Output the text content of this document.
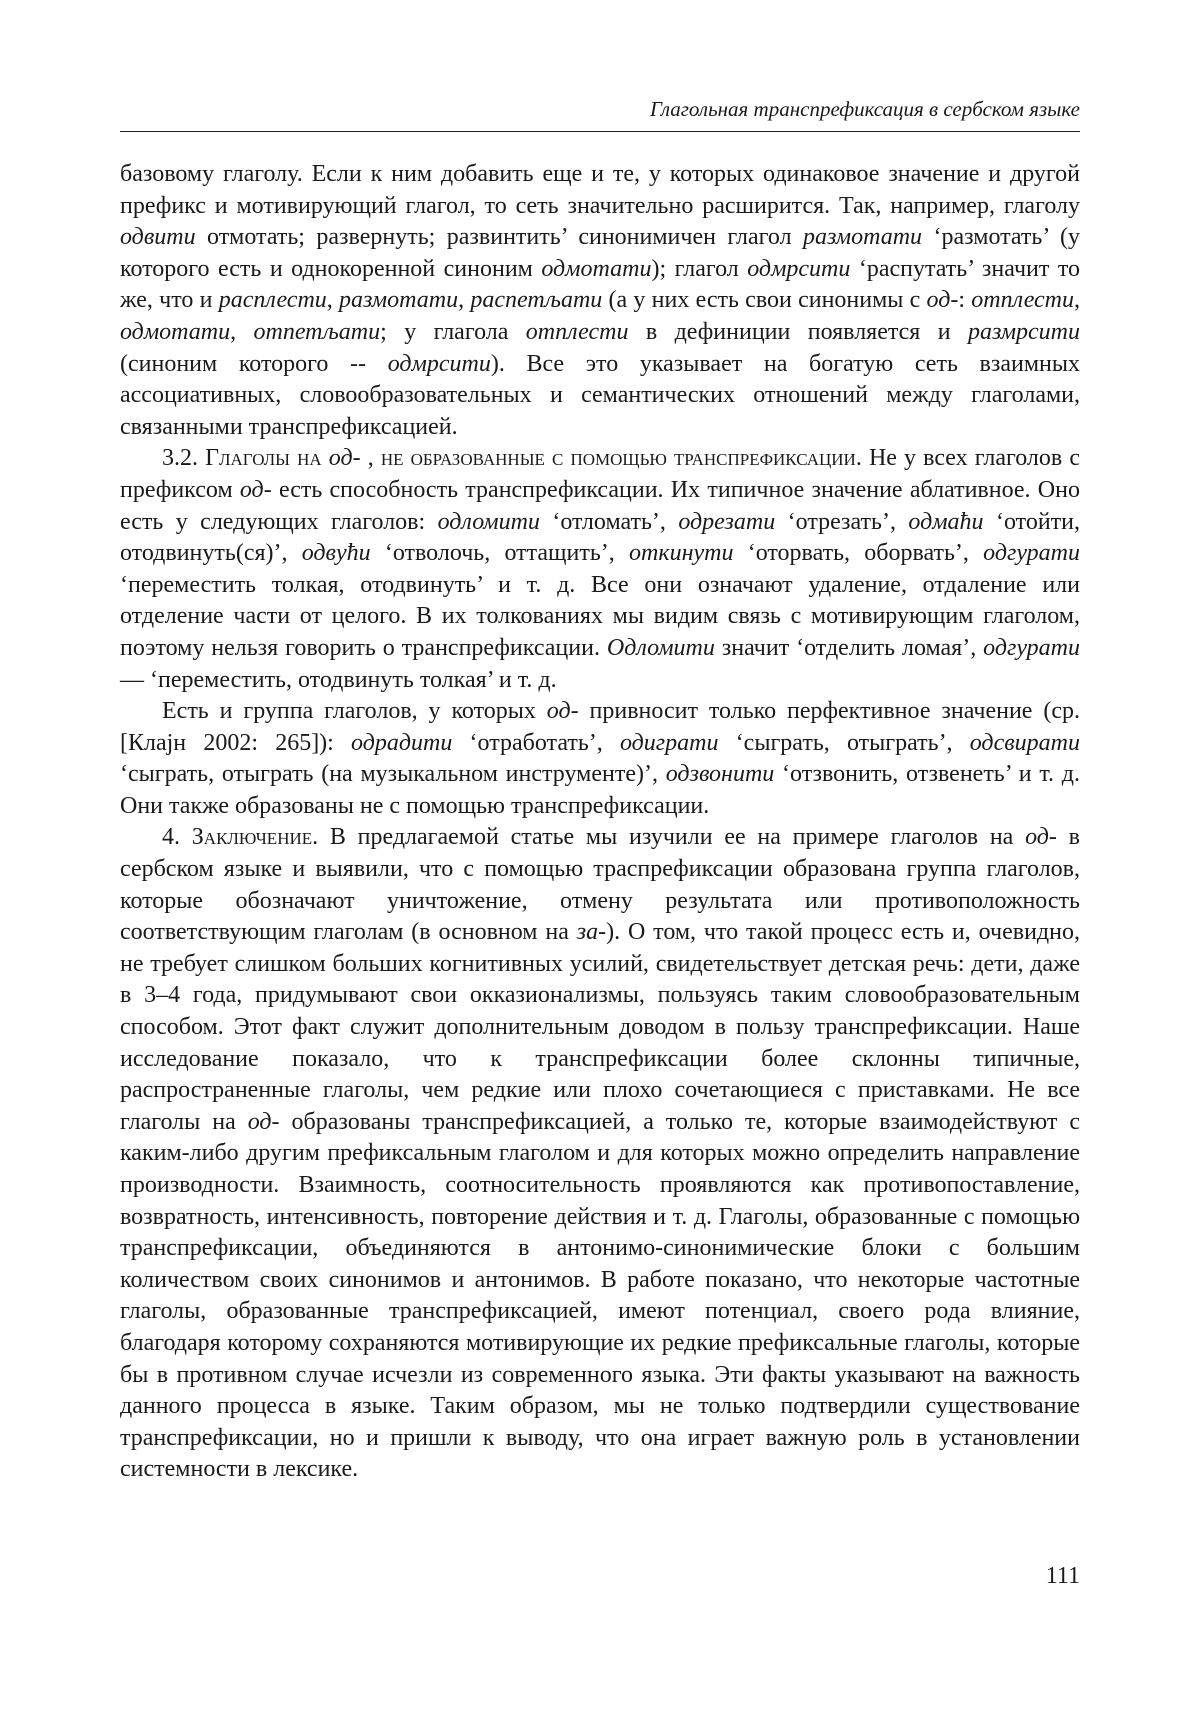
Глагольная транспрефиксация в сербском языке

базовому глаголу. Если к ним добавить еще и те, у которых одинаковое значение и другой префикс и мотивирующий глагол, то сеть значительно расширится. Так, например, глаголу одвити отмотать; развернуть; развинтить’ синонимичен глагол размотати ‘размотать’ (у которого есть и однокоренной синоним одмотати); глагол одмрсити ‘распутать’ значит то же, что и расплести, размотати, распетљати (а у них есть свои синонимы с од-: отплести, одмотати, отпетљати; у глагола отплести в дефиниции появляется и размрсити (синоним которого -- одмрсити). Все это указывает на богатую сеть взаимных ассоциативных, словообразовательных и семантических отношений между глаголами, связанными транспрефиксацией.

3.2. Глаголы на од- , не образованные с помощью транспрефиксации. Не у всех глаголов с префиксом од- есть способность транспрефиксации. Их типичное значение аблативное. Оно есть у следующих глаголов: одломити ‘отломать’, одрезати ‘отрезать’, одмаћи ‘отойти, отодвинуть(ся)’, одвући ‘отволочь, оттащить’, откинути ‘оторвать, оборвать’, одгурати ‘переместить толкая, отодвинуть’ и т. д. Все они означают удаление, отдаление или отделение части от целого. В их толкованиях мы видим связь с мотивирующим глаголом, поэтому нельзя говорить о транспрефиксации. Одломити значит ‘отделить ломая’, одгурати — ‘переместить, отодвинуть толкая’ и т. д.

Есть и группа глаголов, у которых од- привносит только перфективное значение (ср. [Клајн 2002: 265]): одрадити ‘отработать’, одиграти ‘сыграть, отыграть’, одсвирати ‘сыграть, отыграть (на музыкальном инструменте)’, одзвонити ‘отзвонить, отзвенеть’ и т. д. Они также образованы не с помощью транспрефиксации.

4. Заключение. В предлагаемой статье мы изучили ее на примере глаголов на од- в сербском языке и выявили, что с помощью траспрефиксации образована группа глаголов, которые обозначают уничтожение, отмену результата или противоположность соответствующим глаголам (в основном на за-). О том, что такой процесс есть и, очевидно, не требует слишком больших когнитивных усилий, свидетельствует детская речь: дети, даже в 3–4 года, придумывают свои окказионализмы, пользуясь таким словообразовательным способом. Этот факт служит дополнительным доводом в пользу транспрефиксации. Наше исследование показало, что к транспрефиксации более склонны типичные, распространенные глаголы, чем редкие или плохо сочетающиеся с приставками. Не все глаголы на од- образованы транспрефиксацией, а только те, которые взаимодействуют с каким-либо другим префиксальным глаголом и для которых можно определить направление производности. Взаимность, соотносительность проявляются как противопоставление, возвратность, интенсивность, повторение действия и т. д. Глаголы, образованные с помощью транспрефиксации, объединяются в антонимо-синонимические блоки с большим количеством своих синонимов и антонимов. В работе показано, что некоторые частотные глаголы, образованные транспрефиксацией, имеют потенциал, своего рода влияние, благодаря которому сохраняются мотивирующие их редкие префиксальные глаголы, которые бы в противном случае исчезли из современного языка. Эти факты указывают на важность данного процесса в языке. Таким образом, мы не только подтвердили существование транспрефиксации, но и пришли к выводу, что она играет важную роль в установлении системности в лексике.

111
